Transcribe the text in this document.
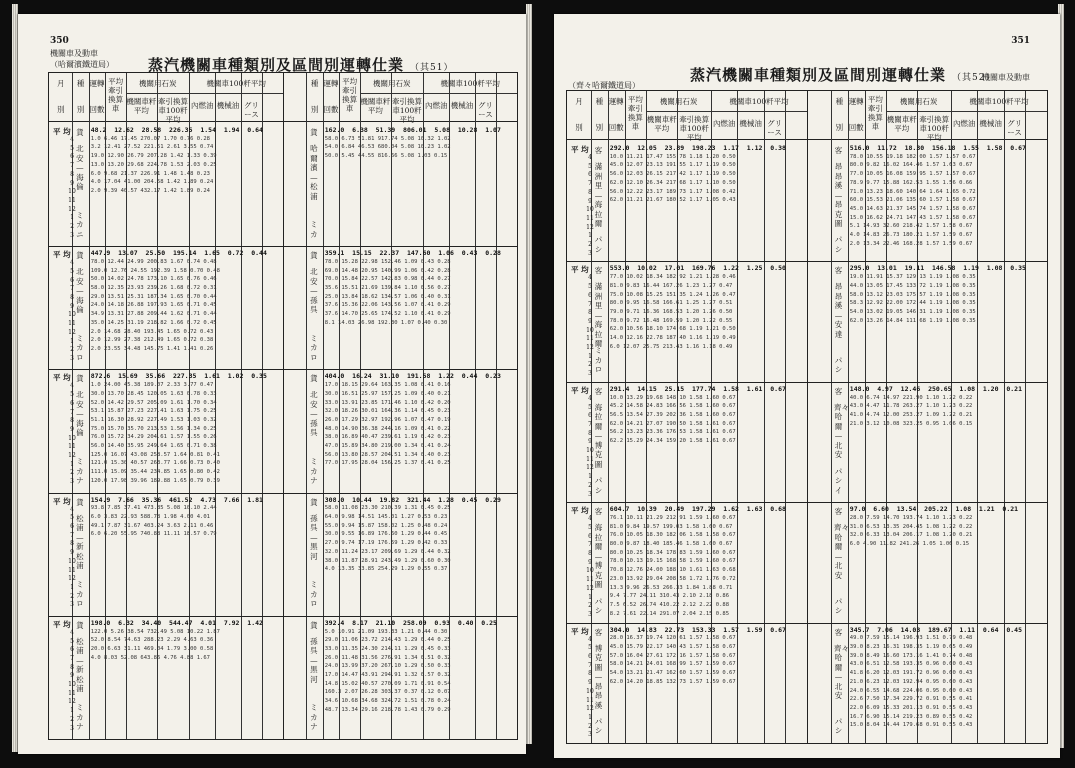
350
機關車及動車
（哈爾濱鐵道局） 蒸汽機關車種類別及區間別運轉仕業 （其51）
月
別
種
別
運轉
回數
平均牽引換算車
機關用石炭
機關車粁平均
牽引換算車100粁平均
機關車100粁平均
內燃油 機械油 グリース
種
別
運轉
回數
平均牽引換算車
機關用石炭
機關車粁平均
牽引換算車100粁平均
機關車100粁平均
內燃油 機械油 グリース
平 均
4
5
6
7
8
9
10
11
12
1
2
3
貨
北安—海倫
ミカニ
48.2  12.62  28.58  226.35  1.54  1.94  0.64
1.0 6.46 17.45 270.07 1.70 0.76 0.28
3.2 12.41 27.52 221.51 2.61 3.55 0.74
19.0 12.90 26.79 207.28 1.42 1.33 0.39
13.0 13.20 29.68 224.78 1.53 2.03 0.25
6.0 9.68 21.37 226.91 1.48 1.48 0.23
4.0 17.04 41.00 204.58 1.42 1.89 0.24
2.0 9.39 40.57 432.17 1.42 1.89 0.24
貨
哈爾濱—松浦
ミカ
162.0  6.38  51.39  806.01  5.08  10.28  1.07
58.0 6.73 51.81 917.74 5.08 10.32 1.02
54.0 6.84 46.53 680.04 5.08 10.23 1.02
50.0 5.45 44.55 816.66 5.08 1.03 0.15
平 均
4
5
6
7
8
9
10
11
12
1
2
3
貨
北安—海倫
ミカロ
447.9  13.07  25.50  195.14  1.65  0.72  0.44
78.0 12.44 24.99 200.83 1.67 0.74 0.48
109.0 12.76 24.55 192.39 1.58 0.70 0.48
50.0 14.02 24.78 173.10 1.65 0.76 0.46
58.0 12.35 23.93 239.26 1.68 0.72 0.31
29.0 13.51 25.31 187.34 1.65 0.70 0.44
24.0 14.18 26.88 197.93 1.65 0.71 0.45
34.9 13.31 27.88 209.44 1.62 0.71 0.44
35.0 14.25 31.19 218.82 1.66 0.72 0.45
2.0 14.68 28.40 193.45 1.65 0.72 0.43
2.0 12.99 27.38 212.49 1.65 0.72 0.38
2.0 23.55 34.48 145.75 1.41 1.41 0.26
貨
北安—孫呉
ミカロ
359.1  15.15  22.37  147.60  1.06  0.43  0.28
78.0 15.28 22.98 152.46 1.09 0.43 0.28
69.0 14.48 20.95 140.99 1.06 0.42 0.28
70.0 15.84 22.57 142.83 0.98 0.44 0.27
35.6 15.51 21.69 139.84 1.10 0.56 0.27
25.0 13.84 18.62 134.57 1.06 0.40 0.31
37.6 15.36 22.06 143.56 1.07 0.41 0.29
37.6 14.70 25.65 174.52 1.10 0.41 0.29
8.1 14.03 26.98 192.30 1.07 0.40 0.30
平 均
4
5
6
7
8
9
10
11
12
1
2
3
貨
北安—海倫
ミカナ
872.6  15.69  35.66  227.35  1.61  1.02  0.35
1.0 24.00 45.38 189.07 2.33 3.77 0.47
30.0 13.70 28.45 120.05 1.63 0.78 0.33
52.0 14.42 29.57 205.09 1.61 1.70 0.34
53.1 15.87 27.23 227.41 1.63 1.75 0.25
51.1 16.30 28.92 227.49 1.53 1.03 0.32
75.0 15.70 35.70 213.53 1.56 1.34 0.25
76.0 15.72 34.29 204.61 1.57 1.55 0.26
56.0 14.40 35.95 249.64 1.65 0.71 0.38
125.0 16.07 43.08 258.57 1.64 0.81 0.41
121.0 15.30 40.57 263.77 1.66 0.73 0.40
111.0 15.09 35.44 234.85 1.65 0.80 0.42
120.0 17.98 39.96 189.88 1.65 0.79 0.39
貨
北安—孫呉
ミカナ
404.0  16.24  31.10  191.58  1.22  0.44  0.23
17.0 18.15 29.64 163.35 1.08 0.41 0.16
30.0 16.51 25.97 157.25 1.09 0.40 0.21
33.0 13.91 23.85 171.46 1.10 0.42 0.20
32.0 18.26 30.01 164.36 1.14 0.45 0.23
26.0 17.29 32.97 192.96 1.07 0.47 0.19
48.0 14.90 36.38 244.16 1.09 0.41 0.22
38.0 16.89 40.47 239.61 1.19 0.42 0.23
47.0 15.89 34.80 219.00 1.34 0.41 0.24
56.0 13.80 28.57 204.51 1.34 0.40 0.23
77.0 17.95 28.04 156.25 1.37 0.41 0.25
平 均
4
5
6
7
8
9
10
11
12
1
2
3
貨
松浦—新松浦
ミカロ
154.9  7.66  35.36  461.52  4.73  7.66  1.81
93.8 7.85 37.41 473.85 5.08 10.10 2.44
6.0 3.83 22.93 588.78 1.98 4.00 4.01
49.1 7.87 31.67 403.24 3.63 2.11 0.46
6.0 6.20 55.95 740.88 11.11 18.57 0.79
貨
孫呉—黒河
ミカロ
308.0  10.44  19.82  321.44  1.28  0.45  0.29
58.0 11.08 23.30 210.39 1.31 0.45 0.25
64.0 9.98 14.51 145.01 1.27 0.53 0.23
55.0 9.94 15.87 158.02 1.25 0.48 0.24
30.0 9.55 16.89 176.60 1.29 0.44 0.45
27.0 9.74 17.19 176.59 1.29 0.42 0.33
32.0 11.24 23.17 209.69 1.29 0.44 0.32
38.0 11.87 28.91 243.49 1.29 0.60 0.30
4.0 13.35 33.85 254.29 1.29 0.55 0.37
平 均
4
5
6
7
8
9
10
11
12
1
2
3
貨
松浦—新松浦
ミカナ
198.0  6.32  34.40  544.47  4.01  7.92  1.42
122.0 5.26 38.54 732.49 5.08 10.22 1.87
52.0 8.54 74.63 288.23 2.29 4.63 0.36
20.0 6.63 31.11 469.04 1.79 3.00 0.58
4.0 8.03 52.08 643.86 4.76 4.88 1.67
貨
孫呉—黒河
ミカナ
392.4  8.17  21.10  258.09  0.93  0.40  0.25
5.0 10.91 21.09 193.33 1.21 0.44 0.30
29.0 11.06 23.72 214.43 1.29 0.44 0.25
33.0 11.35 24.30 214.11 1.29 0.45 0.33
26.0 11.48 31.56 276.91 1.34 0.51 0.32
24.0 13.99 37.20 267.10 1.29 0.50 0.33
17.0 14.47 43.91 294.91 1.32 0.57 0.32
14.8 15.02 40.57 270.09 1.71 0.91 0.54
160.3 2.07 26.28 303.37 0.37 0.12 0.07
34.6 10.68 34.68 324.72 1.51 0.78 0.24
48.7 13.34 29.16 218.78 1.43 0.79 0.29
351
機關車及動車
（齊々哈爾鐵道局）
蒸汽機關車種類別及區間別運轉仕業 （其52）
月
別
種
別
運轉
回數
平均牽引換算車
機關用石炭
機關車粁平均
牽引換算車100粁平均
機關車100粁平均
內燃油 機械油 グリース
種
別
運轉
回數
平均牽引換算車
機關用石炭
機關車粁平均
牽引換算車100粁平均
機關車100粁平均
內燃油 機械油 グリース
平 均
4
5
6
7
8
9
10
11
12
1
2
3
客
滿洲里—海拉爾
パシ
292.0  12.05  23.89  198.23  1.17  1.12  0.38
10.0 11.21 17.47 155.78 1.18 1.20 0.50
45.0 12.07 23.13 191.55 1.17 1.19 0.50
56.0 12.03 26.15 217.42 1.17 1.19 0.50
62.0 12.10 26.34 217.68 1.17 1.10 0.50
56.0 12.22 23.17 189.73 1.17 1.08 0.42
62.0 11.21 21.67 180.52 1.17 1.05 0.43
客
昂昂溪—昂克圖
パシ
516.0  11.72  18.30  156.18  1.55  1.58  0.67
78.0 10.55 19.18 182.00 1.57 1.57 0.67
80.0 9.82 16.02 164.46 1.57 1.63 0.67
77.0 10.05 16.08 159.95 1.57 1.57 0.67
78.9 9.77 15.88 162.53 1.55 1.56 0.66
71.0 13.23 18.60 140.64 1.64 1.65 0.72
60.0 15.53 21.06 135.60 1.57 1.58 0.67
45.0 14.63 21.37 145.74 1.57 1.58 0.67
15.0 16.62 24.71 147.43 1.57 1.58 0.67
5.1 14.93 32.60 218.42 1.57 1.58 0.67
4.0 14.83 26.73 180.21 1.57 1.59 0.67
2.0 13.34 22.46 168.28 1.57 1.59 0.67
平 均
4
5
6
7
8
9
10
11
12
1
2
3
客
滿洲里—海拉爾
ミカロ
553.0  10.02  17.01  169.76  1.22  1.25  0.50
77.0 10.02 18.34 182.92 1.21 1.28 0.46
81.0 9.83 16.44 167.26 1.23 1.27 0.47
75.0 10.08 15.25 151.35 1.24 1.26 0.47
80.0 9.95 16.58 166.61 1.25 1.27 0.51
79.0 9.71 16.36 168.53 1.20 1.26 0.50
78.0 9.72 16.48 169.59 1.20 1.22 0.55
62.0 10.56 18.10 174.68 1.19 1.21 0.50
14.0 12.16 22.78 187.40 1.16 1.19 0.49
6.0 12.07 25.75 213.43 1.16 1.18 0.49
客
昂昂溪—安達
パシ
295.0  13.01  19.11  146.58  1.19  1.08  0.35
19.0 11.91 15.37 129.13 1.19 1.08 0.35
44.0 13.05 17.45 133.72 1.19 1.08 0.35
58.0 13.12 23.03 175.57 1.19 1.08 0.35
58.3 12.92 22.00 172.44 1.19 1.08 0.35
54.0 13.02 19.05 146.31 1.19 1.08 0.35
62.0 13.26 14.84 111.68 1.19 1.08 0.35
平 均
4
5
6
7
8
9
10
11
12
1
2
3
客
海拉爾—博克圖
パシ
291.4  14.15  25.15  177.74  1.58  1.61  0.67
10.0 13.29 19.68 148.10 1.58 1.60 0.67
45.2 14.58 24.83 166.56 1.58 1.60 0.67
56.5 13.54 27.39 202.36 1.58 1.60 0.67
62.0 14.21 27.07 190.50 1.58 1.61 0.67
56.2 13.23 23.36 176.53 1.58 1.61 0.67
62.2 15.29 24.34 159.20 1.58 1.61 0.67
客
齊々哈爾—北安
パシイ
148.0  4.97  12.46  250.65  1.08  1.20  0.21
40.0 6.74 14.97 221.90 1.10 1.22 0.22
43.0 4.47 11.78 263.27 1.10 1.23 0.22
41.0 4.74 12.00 253.27 1.09 1.22 0.21
21.0 3.12 10.08 323.25 0.95 1.06 0.15
平 均
4
5
6
7
8
9
10
11
12
1
2
3
客
海拉爾—博克圖
パシ
604.7  10.39  20.49  197.29  1.62  1.63  0.68
76.1 10.11 21.29 212.91 1.59 1.60 0.67
81.0 9.84 19.57 199.03 1.58 1.60 0.67
76.0 10.05 18.30 182.06 1.58 1.58 0.67
80.0 9.87 18.40 185.46 1.58 1.60 0.67
80.0 10.25 18.34 178.83 1.59 1.60 0.67
78.0 10.13 19.15 168.58 1.59 1.60 0.67
70.8 12.76 24.00 188.10 1.61 1.63 0.68
23.0 13.92 29.04 208.58 1.72 1.76 0.72
13.3 9.96 26.53 266.33 1.84 1.88 0.71
9.4 7.77 24.11 310.43 2.10 2.18 0.86
7.5 6.52 26.74 410.22 2.12 2.22 0.88
8.2 7.61 22.14 291.07 2.04 2.15 0.85
客
齊々哈爾—北安
パシ
97.0  6.60  13.54  205.22  1.08  1.21  0.21
28.0 7.59 14.70 193.74 1.10 1.23 0.22
31.0 6.53 13.35 204.45 1.08 1.22 0.22
32.0 6.33 13.04 206.17 1.08 1.20 0.21
6.0 4.90 11.82 241.26 1.05 1.06 0.15
平 均
4
5
6
7
8
9
10
11
12
1
2
3
客
博克圖—昂昂溪
パシ
304.0  14.83  22.73  153.33  1.57  1.59  0.67
28.0 16.37 19.74 120.61 1.57 1.58 0.67
45.0 15.79 22.17 140.43 1.57 1.58 0.67
57.0 16.04 27.61 172.16 1.57 1.58 0.67
58.0 14.21 24.01 168.99 1.57 1.59 0.67
54.0 13.21 21.47 162.60 1.57 1.59 0.67
62.0 14.20 18.85 132.73 1.57 1.59 0.67
客
齊々哈爾—北安
パシ
345.7  7.06  14.03  189.67  1.11  0.64  0.45
49.0 7.59 15.14 196.93 1.51 0.79 0.48
39.0 8.23 16.31 198.35 1.19 0.65 0.49
39.0 8.49 16.60 173.16 1.41 0.74 0.48
43.0 6.51 12.58 193.35 0.96 0.60 0.43
41.8 6.20 12.03 191.72 0.96 0.60 0.43
21.0 6.23 12.03 192.94 0.95 0.60 0.43
24.0 6.55 14.68 224.06 0.95 0.60 0.43
22.6 7.50 17.34 229.72 0.91 0.55 0.41
22.0 6.09 15.33 201.13 0.91 0.55 0.43
16.7 6.90 15.14 219.23 0.89 0.55 0.42
15.0 8.04 14.44 179.68 0.91 0.55 0.43
